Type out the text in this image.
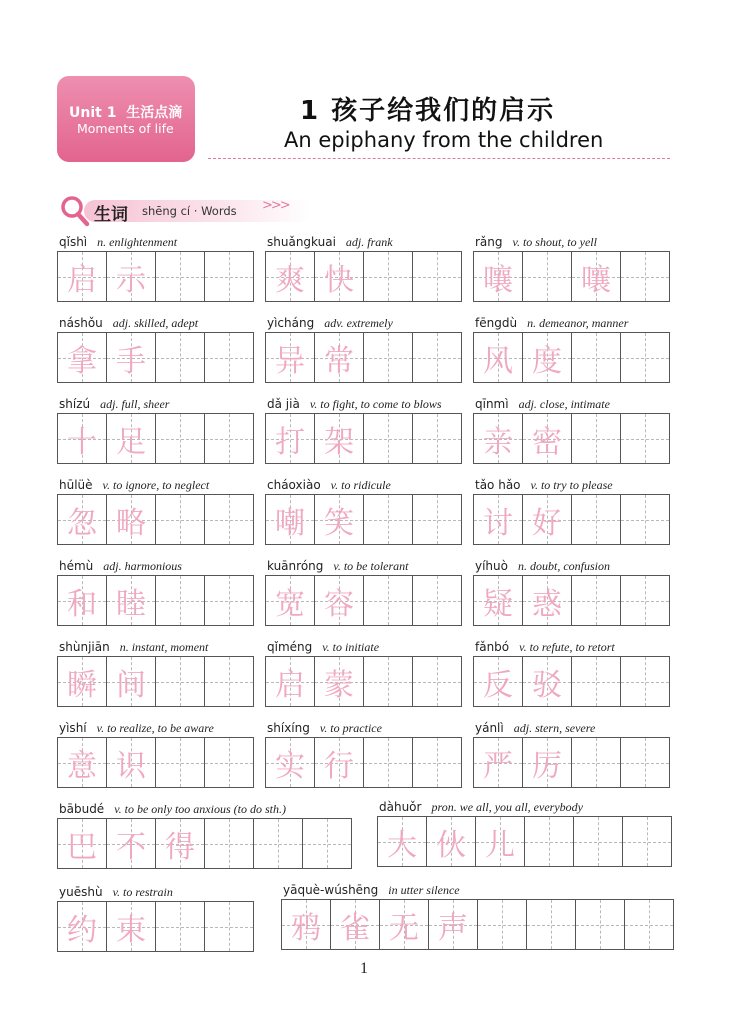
Unit 1 生活点滴
Moments of life
1 孩子给我们的启示
An epiphany from the children
生词 shēng cí · Words >>>
qǐshì n. enlightenment
启 示
shuǎngkuai adj. frank
爽 快
rǎng v. to shout, to yell
嚷	嚷
náshǒu adj. skilled, adept
拿 手
yìcháng adv. extremely
异 常
fēngdù n. demeanor, manner
风 度
shízú adj. full, sheer
十 足
dǎ jià v. to fight, to come to blows
打 架
qīnmì adj. close, intimate
亲 密
hūlüè v. to ignore, to neglect
忽 略
cháoxiào v. to ridicule
嘲 笑
tǎo hǎo v. to try to please
讨 好
hémù adj. harmonious
和 睦
kuānróng v. to be tolerant
宽 容
yíhuò n. doubt, confusion
疑 惑
shùnjiān n. instant, moment
瞬 间
qǐméng v. to initiate
启 蒙
fǎnbó v. to refute, to retort
反 驳
yìshí v. to realize, to be aware
意 识
shíxíng v. to practice
实 行
yánlì adj. stern, severe
严 厉
bābudé v. to be only too anxious (to do sth.)
巴 不 得
dàhuǒr pron. we all, you all, everybody
大 伙 儿
yuēshù v. to restrain
约 束
yāquè-wúshēng in utter silence
鸦 雀 无 声
1
